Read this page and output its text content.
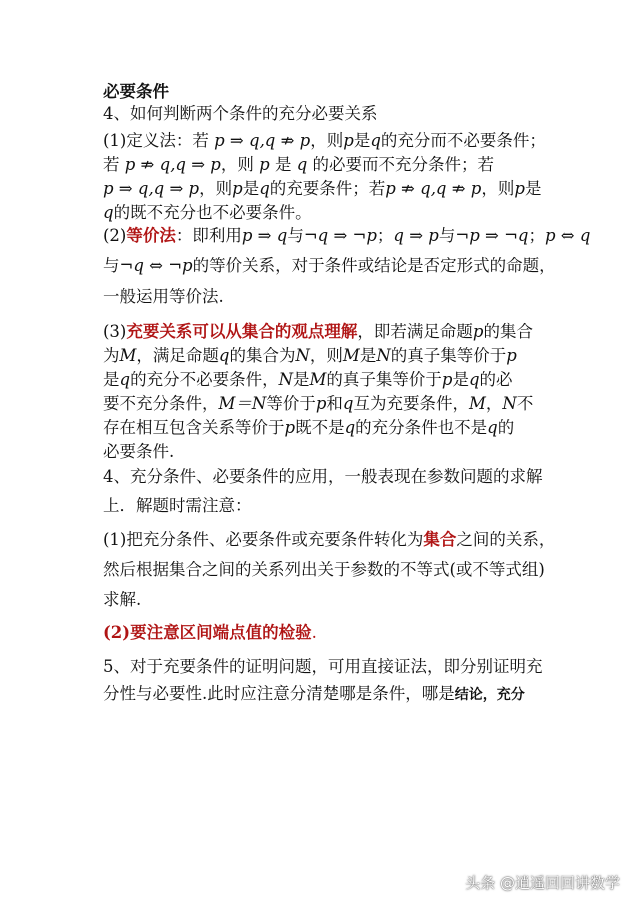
必要条件
4、如何判断两个条件的充分必要关系
(1)定义法：若 p ⇒ q,q ⇏ p，则p是q的充分而不必要条件；
若 p ⇏ q,q ⇒ p，则 p 是 q 的必要而不充分条件；若
p ⇒ q,q ⇒ p，则p是q的充要条件；若p ⇏ q,q ⇏ p，则p是
q的既不充分也不必要条件。
(2)等价法：即利用p ⇒ q与¬q ⇒ ¬p；q ⇒ p与¬p ⇒ ¬q；p ⇔ q
与¬q ⇔ ¬p的等价关系，对于条件或结论是否定形式的命题，
一般运用等价法.
(3)充要关系可以从集合的观点理解，即若满足命题p的集合
为M，满足命题q的集合为N，则M是N的真子集等价于p
是q的充分不必要条件，N是M的真子集等价于p是q的必
要不充分条件，M＝N等价于p和q互为充要条件，M，N不
存在相互包含关系等价于p既不是q的充分条件也不是q的
必要条件.
4、充分条件、必要条件的应用，一般表现在参数问题的求解
上．解题时需注意：
(1)把充分条件、必要条件或充要条件转化为集合之间的关系，
然后根据集合之间的关系列出关于参数的不等式(或不等式组)
求解.
(2)要注意区间端点值的检验.
5、对于充要条件的证明问题，可用直接证法，即分别证明充
分性与必要性.此时应注意分清楚哪是条件，哪是结论，充分
头条 @逍遥回回讲数学
